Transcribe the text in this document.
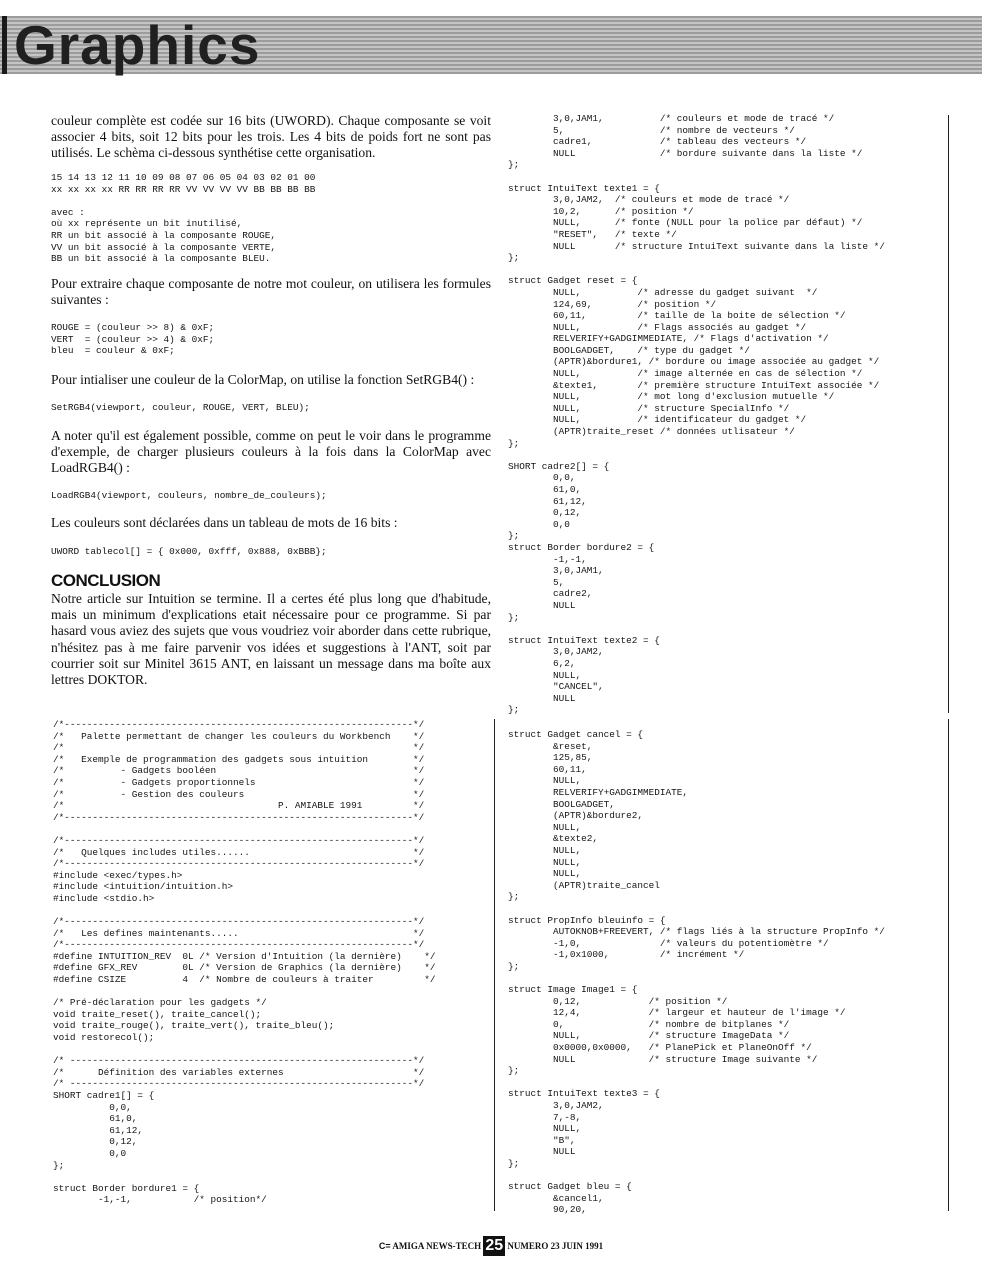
Graphics

couleur complète est codée sur 16 bits (UWORD). Chaque composante se voit associer 4 bits, soit 12 bits pour les trois. Les 4 bits de poids fort ne sont pas utilisés. Le schèma ci-dessous synthétise cette organisation.

15 14 13 12 11 10 09 08 07 06 05 04 03 02 01 00
xx xx xx xx RR RR RR RR VV VV VV VV BB BB BB BB

avec :
où xx représente un bit inutilisé,
RR un bit associé à la composante ROUGE,
VV un bit associé à la composante VERTE,
BB un bit associé à la composante BLEU.

Pour extraire chaque composante de notre mot couleur, on utilisera les formules suivantes :

ROUGE = (couleur >> 8) & 0xF;
VERT  = (couleur >> 4) & 0xF;
bleu  = couleur & 0xF;

Pour intialiser une couleur de la ColorMap, on utilise la fonction SetRGB4() :

SetRGB4(viewport, couleur, ROUGE, VERT, BLEU);

A noter qu'il est également possible, comme on peut le voir dans le programme d'exemple, de charger plusieurs couleurs à la fois dans la ColorMap avec LoadRGB4() :

LoadRGB4(viewport, couleurs, nombre_de_couleurs);

Les couleurs sont déclarées dans un tableau de mots de 16 bits :

UWORD tablecol[] = { 0x000, 0xfff, 0x888, 0xBBB};
CONCLUSION

Notre article sur Intuition se termine. Il a certes été plus long que d'habitude, mais un minimum d'explications etait nécessaire pour ce programme. Si par hasard vous aviez des sujets que vous voudriez voir aborder dans cette rubrique, n'hésitez pas à me faire parvenir vos idées et suggestions à l'ANT, soit par courrier soit sur Minitel 3615 ANT, en laissant un message dans ma boîte aux lettres DOKTOR.

/*--------------------------------------------------------------*/
/*   Palette permettant de changer les couleurs du Workbench    */
/*                                                              */
/*   Exemple de programmation des gadgets sous intuition        */
/*          - Gadgets booléen                                   */
/*          - Gadgets proportionnels                            */
/*          - Gestion des couleurs                              */
/*                                      P. AMIABLE 1991         */
/*--------------------------------------------------------------*/

/*--------------------------------------------------------------*/
/*   Quelques includes utiles......                             */
/*--------------------------------------------------------------*/
#include <exec/types.h>
#include <intuition/intuition.h>
#include <stdio.h>

/*--------------------------------------------------------------*/
/*   Les defines maintenants.....                               */
/*--------------------------------------------------------------*/
#define INTUITION_REV  0L /* Version d'Intuition (la dernière)    */
#define GFX_REV        0L /* Version de Graphics (la dernière)    */
#define CSIZE          4  /* Nombre de couleurs à traiter         */

/* Pré-déclaration pour les gadgets */
void traite_reset(), traite_cancel();
void traite_rouge(), traite_vert(), traite_bleu();
void restorecol();

/* -------------------------------------------------------------*/
/*      Définition des variables externes                       */
/* -------------------------------------------------------------*/
SHORT cadre1[] = {
0,0,
61,0,
61,12,
0,12,
0,0
};

struct Border bordure1 = {
-1,-1,           /* position*/
3,0,JAM1,          /* couleurs et mode de tracé */
5,                 /* nombre de vecteurs */
cadre1,            /* tableau des vecteurs */
NULL               /* bordure suivante dans la liste */
};

struct IntuiText texte1 = {
3,0,JAM2,  /* couleurs et mode de tracé */
10,2,      /* position */
NULL,      /* fonte (NULL pour la police par défaut) */
"RESET",   /* texte */
NULL       /* structure IntuiText suivante dans la liste */
};

struct Gadget reset = {
NULL,          /* adresse du gadget suivant  */
124,69,        /* position */
60,11,         /* taille de la boite de sélection */
NULL,          /* Flags associés au gadget */
RELVERIFY+GADGIMMEDIATE, /* Flags d'activation */
BOOLGADGET,    /* type du gadget */
(APTR)&bordure1, /* bordure ou image associée au gadget */
NULL,          /* image alternée en cas de sélection */
&texte1,       /* première structure IntuiText associée */
NULL,          /* mot long d'exclusion mutuelle */
NULL,          /* structure SpecialInfo */
NULL,          /* identificateur du gadget */
(APTR)traite_reset /* données utlisateur */
};

SHORT cadre2[] = {
0,0,
61,0,
61,12,
0,12,
0,0
};
struct Border bordure2 = {
-1,-1,
3,0,JAM1,
5,
cadre2,
NULL
};

struct IntuiText texte2 = {
3,0,JAM2,
6,2,
NULL,
"CANCEL",
NULL
};
struct Gadget cancel = {
&reset,
125,85,
60,11,
NULL,
RELVERIFY+GADGIMMEDIATE,
BOOLGADGET,
(APTR)&bordure2,
NULL,
&texte2,
NULL,
NULL,
NULL,
(APTR)traite_cancel
};

struct PropInfo bleuinfo = {
AUTOKNOB+FREEVERT, /* flags liés à la structure PropInfo */
-1,0,              /* valeurs du potentiomètre */
-1,0x1000,         /* incrément */
};

struct Image Image1 = {
0,12,            /* position */
12,4,            /* largeur et hauteur de l'image */
0,               /* nombre de bitplanes */
NULL,            /* structure ImageData */
0x0000,0x0000,   /* PlanePick et PlaneOnOff */
NULL             /* structure Image suivante */
};

struct IntuiText texte3 = {
3,0,JAM2,
7,-8,
NULL,
"B",
NULL
};

struct Gadget bleu = {
&cancel1,
90,20,
C= AMIGA NEWS-TECH 25 NUMERO 23 JUIN 1991
